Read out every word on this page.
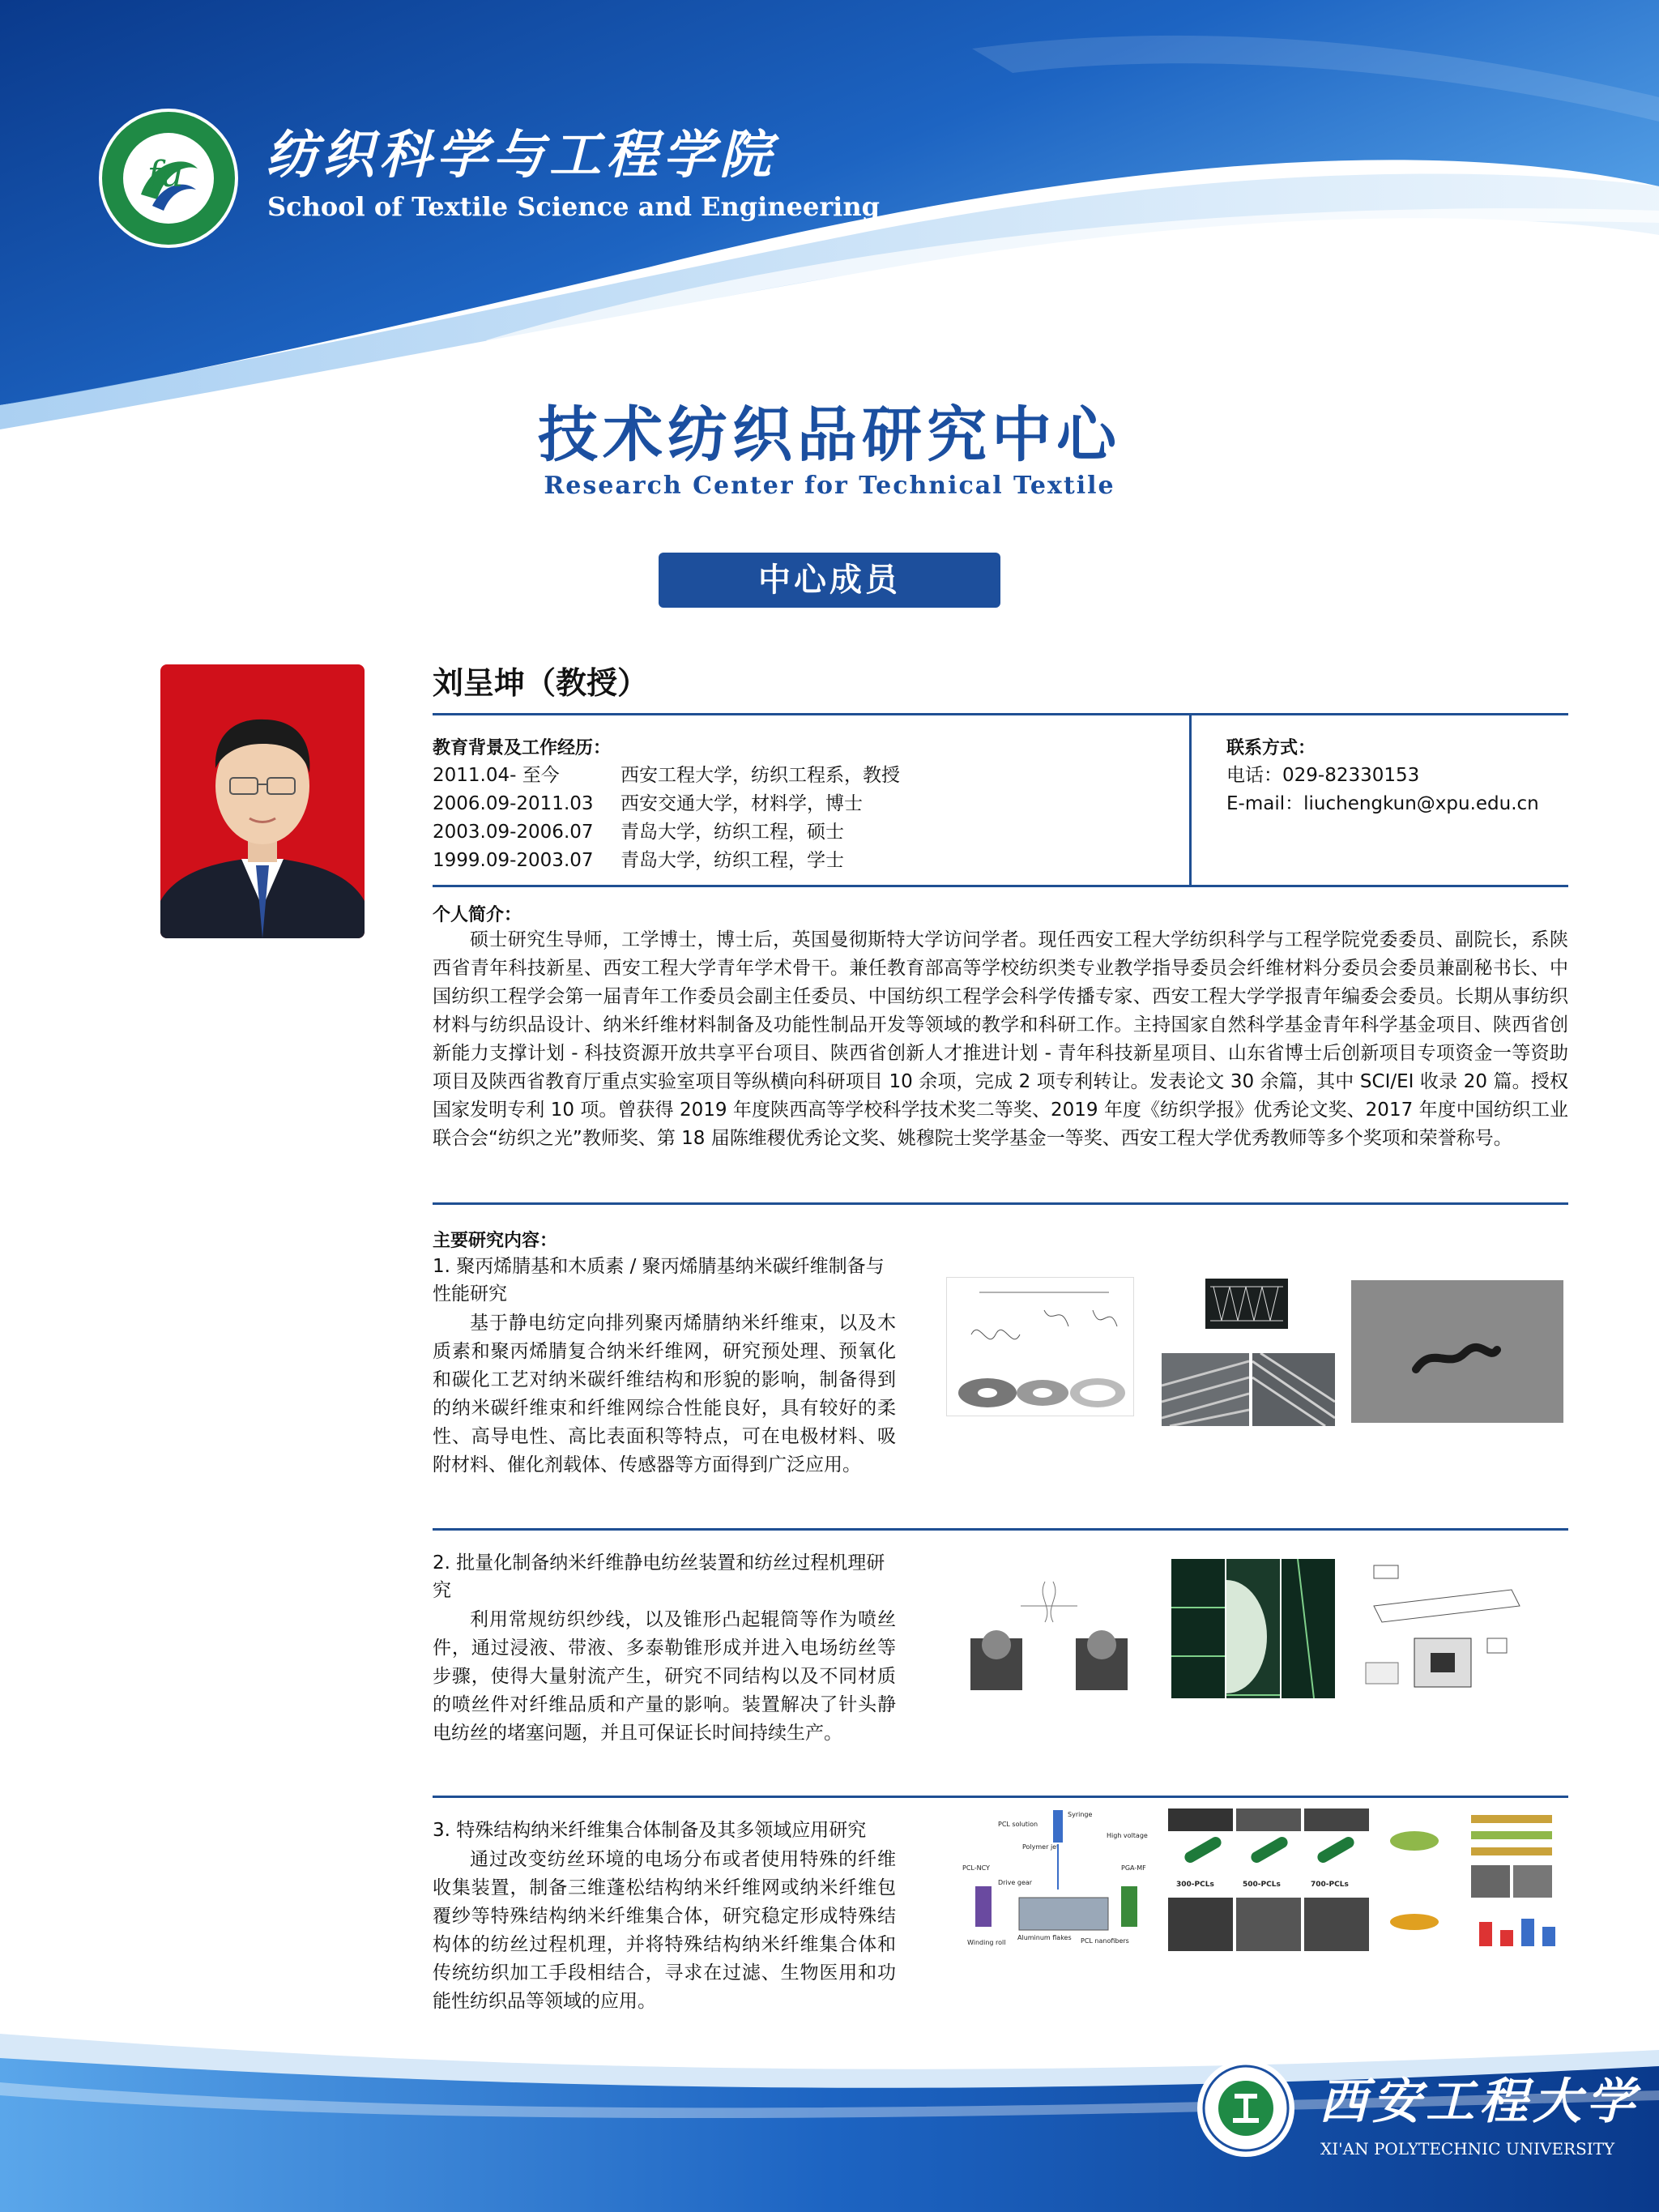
fu 纺织科学与工程学院
School of Textile Science and Engineering
技术纺织品研究中心
Research Center for Technical Textile
中心成员
刘呈坤（教授）
教育背景及工作经历：
2011.04- 至今	西安工程大学，纺织工程系，教授
2006.09-2011.03 西安交通大学，材料学，博士
2003.09-2006.07 青岛大学，纺织工程，硕士
1999.09-2003.07 青岛大学，纺织工程，学士
联系方式：
电话：029-82330153
E-mail：liuchengkun@xpu.edu.cn
个人简介：

硕士研究生导师，工学博士，博士后，英国曼彻斯特大学访问学者。现任西安工程大学纺织科学与工程学院党委委员、副院长，系陕西省青年科技新星、西安工程大学青年学术骨干。兼任教育部高等学校纺织类专业教学指导委员会纤维材料分委员会委员兼副秘书长、中国纺织工程学会第一届青年工作委员会副主任委员、中国纺织工程学会科学传播专家、西安工程大学学报青年编委会委员。长期从事纺织材料与纺织品设计、纳米纤维材料制备及功能性制品开发等领域的教学和科研工作。主持国家自然科学基金青年科学基金项目、陕西省创新能力支撑计划 - 科技资源开放共享平台项目、陕西省创新人才推进计划 - 青年科技新星项目、山东省博士后创新项目专项资金一等资助项目及陕西省教育厅重点实验室项目等纵横向科研项目 10 余项，完成 2 项专利转让。发表论文 30 余篇，其中 SCI/EI 收录 20 篇。授权国家发明专利 10 项。曾获得 2019 年度陕西高等学校科学技术奖二等奖、2019 年度《纺织学报》优秀论文奖、2017 年度中国纺织工业联合会“纺织之光”教师奖、第 18 届陈维稷优秀论文奖、姚穆院士奖学基金一等奖、西安工程大学优秀教师等多个奖项和荣誉称号。

主要研究内容：
1. 聚丙烯腈基和木质素 / 聚丙烯腈基纳米碳纤维制备与性能研究

基于静电纺定向排列聚丙烯腈纳米纤维束，以及木质素和聚丙烯腈复合纳米纤维网，研究预处理、预氧化和碳化工艺对纳米碳纤维结构和形貌的影响，制备得到的纳米碳纤维束和纤维网综合性能良好，具有较好的柔性、高导电性、高比表面积等特点，可在电极材料、吸附材料、催化剂载体、传感器等方面得到广泛应用。

2. 批量化制备纳米纤维静电纺丝装置和纺丝过程机理研究

利用常规纺织纱线，以及锥形凸起辊筒等作为喷丝件，通过浸液、带液、多泰勒锥形成并进入电场纺丝等步骤，使得大量射流产生，研究不同结构以及不同材质的喷丝件对纤维品质和产量的影响。装置解决了针头静电纺丝的堵塞问题，并且可保证长时间持续生产。

3. 特殊结构纳米纤维集合体制备及其多领域应用研究

通过改变纺丝环境的电场分布或者使用特殊的纤维收集装置，制备三维蓬松结构纳米纤维网或纳米纤维包覆纱等特殊结构纳米纤维集合体，研究稳定形成特殊结构体的纺丝过程机理，并将特殊结构纳米纤维集合体和传统纺织加工手段相结合，寻求在过滤、生物医用和功能性纺织品等领域的应用。

Syringe
PCL solution
High voltage
Polymer jet
PCL-NCY
Drive gear
PGA-MF
Winding roll
Aluminum flakes PCL nanofibers
300-PCLs	500-PCLs	700-PCLs
西安工程大学
XI'AN POLYTECHNIC UNIVERSITY
